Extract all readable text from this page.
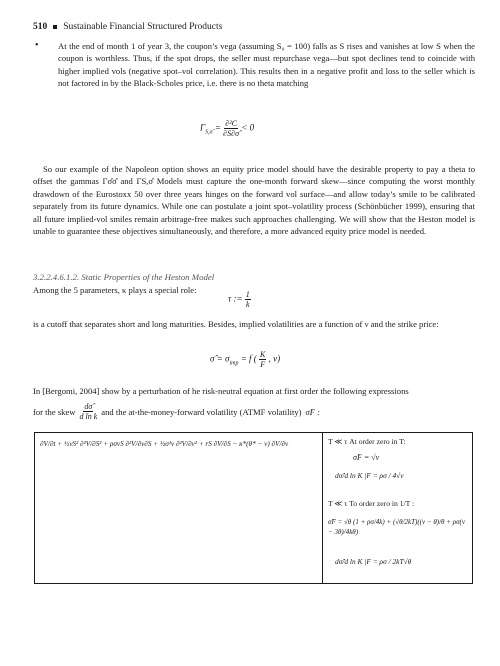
510 Sustainable Financial Structured Products
• At the end of month 1 of year 3, the coupon’s vega (assuming S₀ = 100) falls as S rises and vanishes at low S when the coupon is worthless. Thus, if the spot drops, the seller must repurchase vega—but spot declines tend to coincide with higher implied vols (negative spot–vol correlation). This results then in a negative profit and loss to the seller which is not factored in by the Black-Scholes price, i.e. there is no theta matching
$\Gamma_{S,\sigmâ} = \frac{\text{∂²C}}{\partial S\partial\sigmâ} < 0$
So our example of the Napoleon option shows an equity price model should have the desirable property to pay a theta to offset the gammas Γσ̂σ̂ and ΓS,σ̂ Models must capture the one-month forward skew—since computing the worst monthly drawdown of the Eurostoxx 50 over three years hinges on the forward vol surface—and allow today’s smile to be calibrated separately from its future dynamics. While one can postulate a joint spot–volatility process (Schönbücher 1999), ensuring that all future implied-vol smiles remain arbitrage-free makes such approaches challenging. We will show that the Heston model is unable to guarantee these objectives simultaneously, and therefore, a more advanced equity price model is needed.
3.2.2.4.6.1.2. Static Properties of the Heston Model
Among the 5 parameters, κ plays a special role:
τ := $\frac{1}{k}$
is a cutoff that separates short and long maturities. Besides, implied volatilities are a function of ν and the strike price:
σ̂ = $\sigma_{imp} = f$ ( $\frac{K}{F}$ , ν)
In [Bergomi, 2004] show by a perturbation of he risk-neutral equation at first order the following expressions
for the skew $\frac{d\sigmâ}{\text{d ln k}}$ and the at-the-money-forward volatility (ATMF volatility) σ̂F :
∂V/∂t + ½νS² ∂²V/∂S² + ρσνS ∂²V/∂ν∂S + ½σ²ν ∂²V/∂ν² + rS ∂V/∂S − κ*(θ* − ν) ∂V/∂ν	T ≪ τ At order zero in T:
σ̂F = √ν
dσ̂/d ln K |F = ρσ / 4√ν
T ≪ τ To order zero in 1/T :
σ̂F = √θ (1 + ρσ/4k) + (√θ/2kT)((ν − θ)/θ + ρσ(ν − 3θ)/4kθ)
dσ̂/d ln K |F = ρσ / 2kT√θ
